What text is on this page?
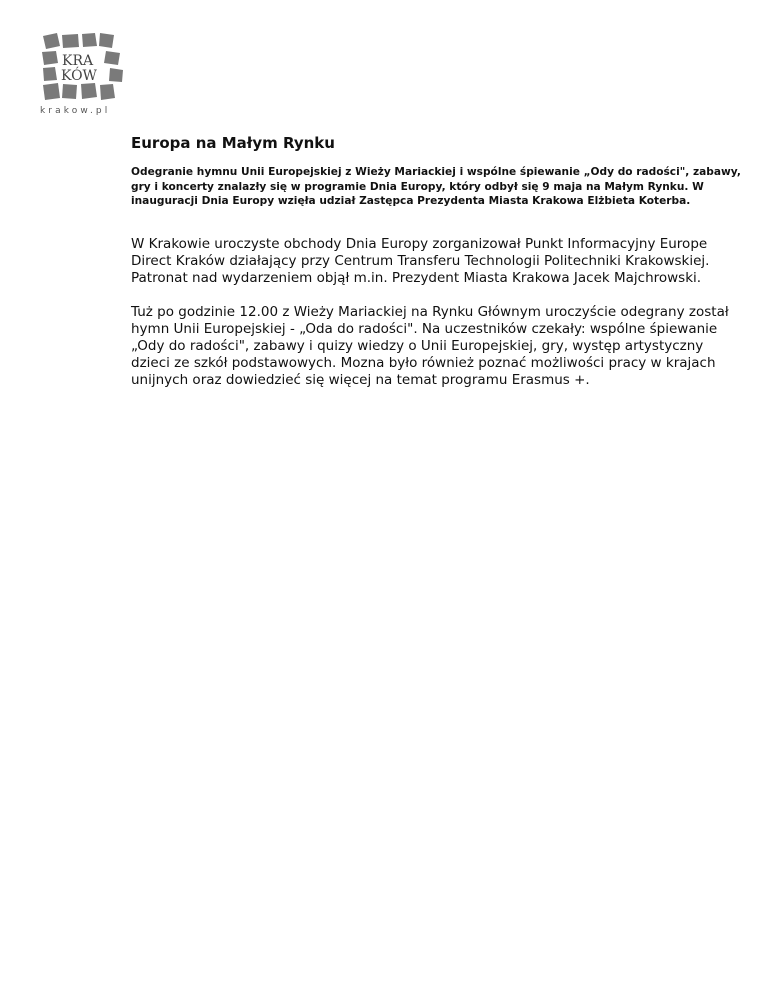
KRA
KÓW
krakow.pl
Europa na Małym Rynku

Odegranie hymnu Unii Europejskiej z Wieży Mariackiej i wspólne śpiewanie „Ody do radości", zabawy, gry i koncerty znalazły się w programie Dnia Europy, który odbył się 9 maja na Małym Rynku. W inauguracji Dnia Europy wzięła udział Zastępca Prezydenta Miasta Krakowa Elżbieta Koterba.

W Krakowie uroczyste obchody Dnia Europy zorganizował Punkt Informacyjny Europe Direct Kraków działający przy Centrum Transferu Technologii Politechniki Krakowskiej. Patronat nad wydarzeniem objął m.in. Prezydent Miasta Krakowa Jacek Majchrowski.

Tuż po godzinie 12.00 z Wieży Mariackiej na Rynku Głównym uroczyście odegrany został hymn Unii Europejskiej - „Oda do radości". Na uczestników czekały: wspólne śpiewanie „Ody do radości", zabawy i quizy wiedzy o Unii Europejskiej, gry, występ artystyczny dzieci ze szkół podstawowych. Mozna było również poznać możliwości pracy w krajach unijnych oraz dowiedzieć się więcej na temat programu Erasmus +.
